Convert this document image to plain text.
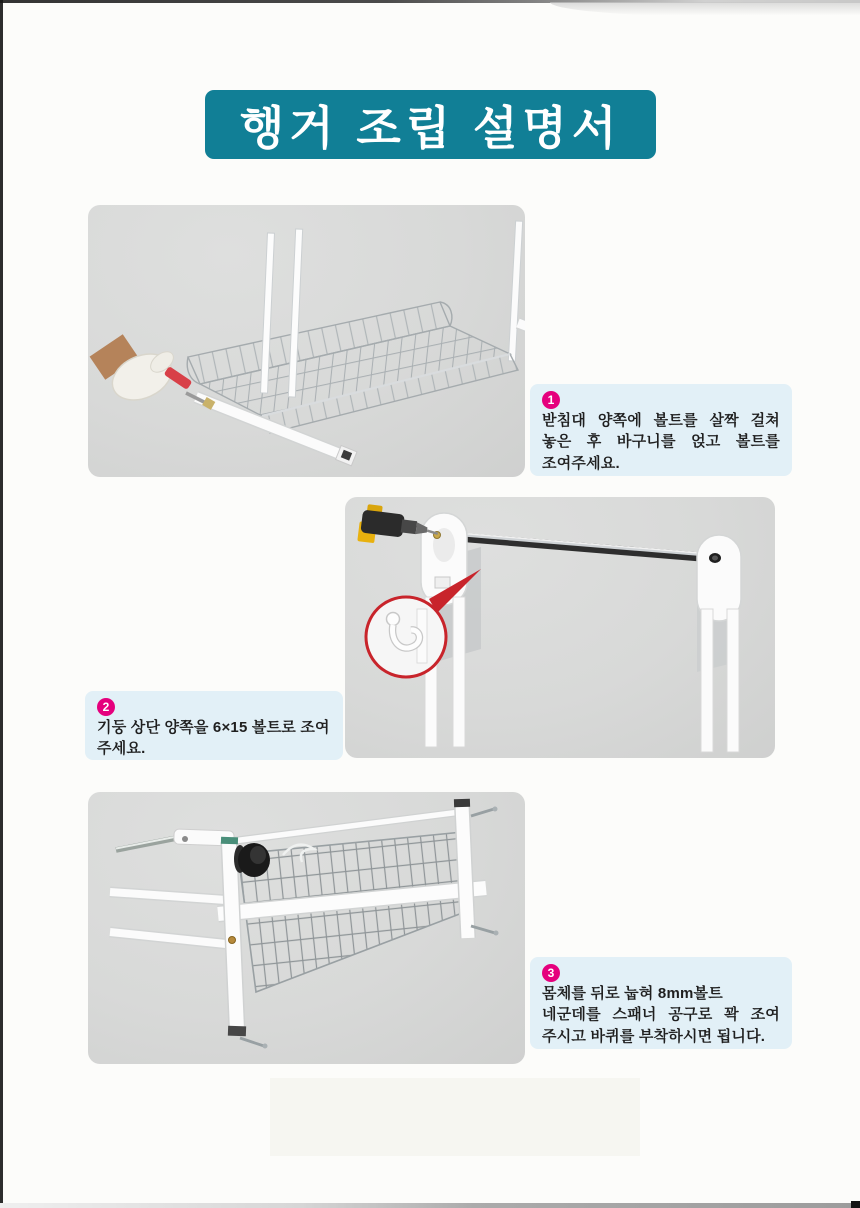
행거 조립 설명서
1
받침대 양쪽에 볼트를 살짝 걸쳐
놓은 후 바구니를 얹고 볼트를
조여주세요.
2
기둥 상단 양쪽을 6×15 볼트로 조여
주세요.
3
몸체를 뒤로 눕혀 8mm볼트
네군데를 스패너 공구로 꽉 조여
주시고 바퀴를 부착하시면 됩니다.
